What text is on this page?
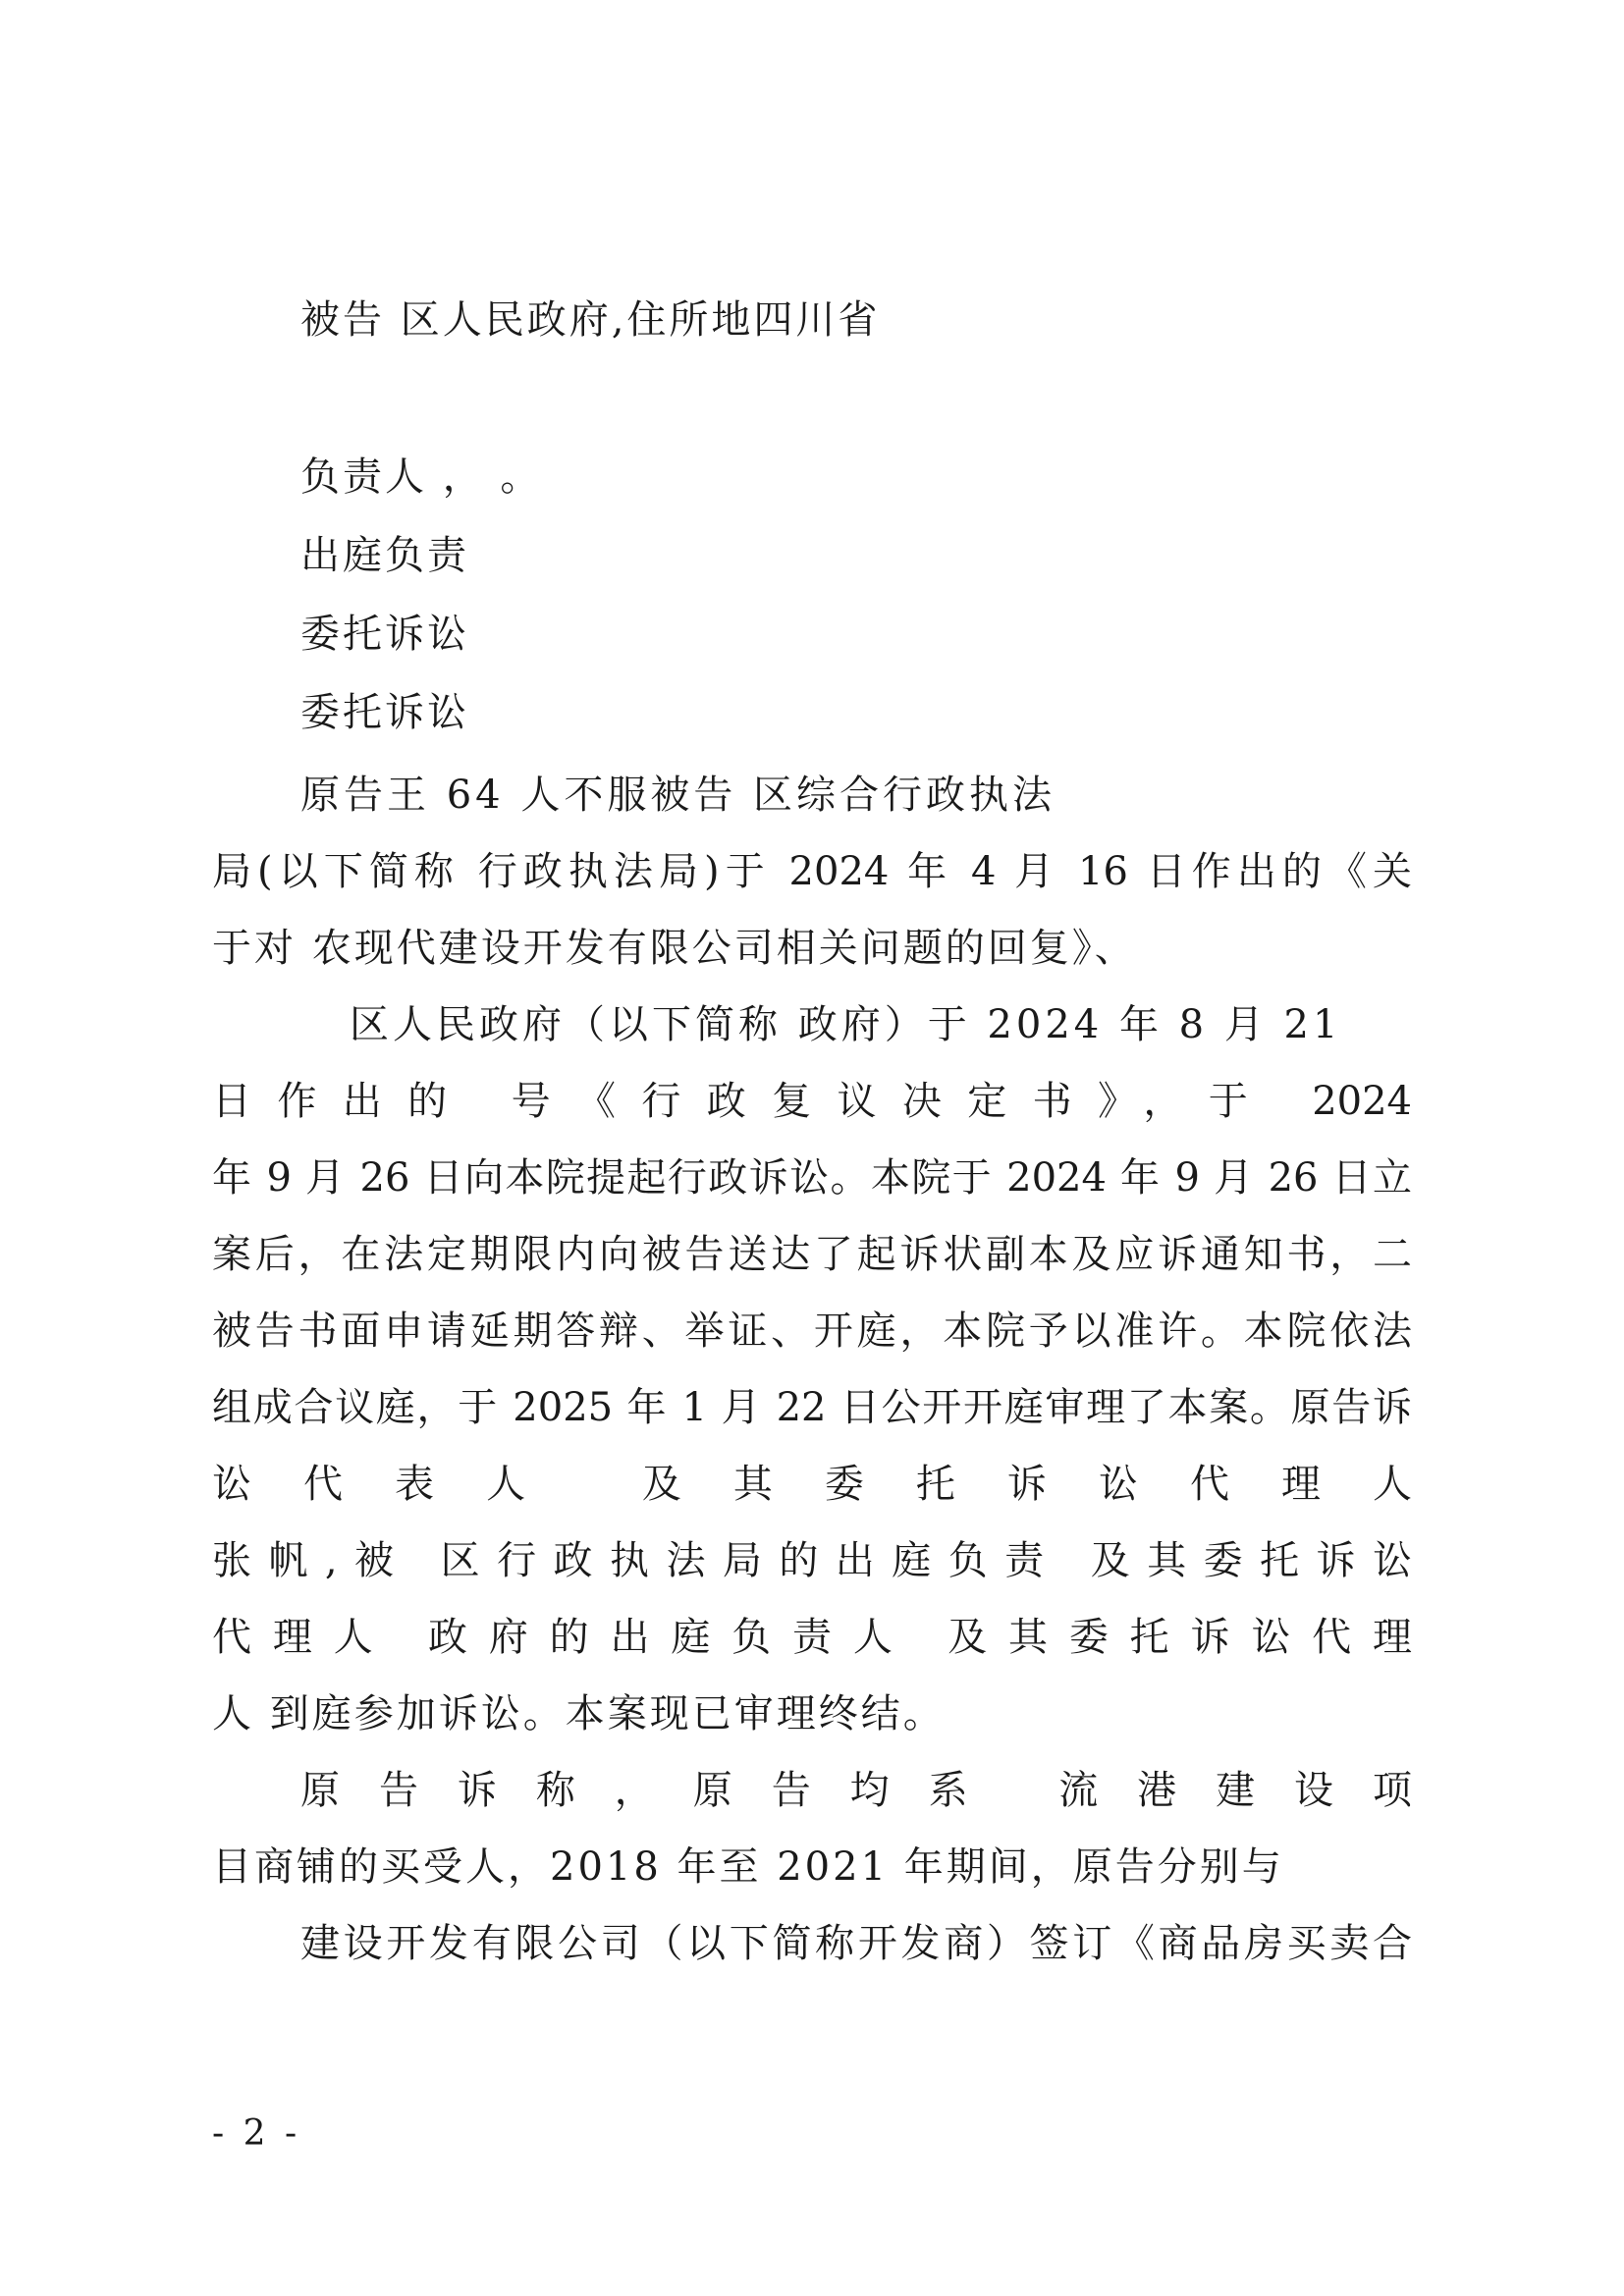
被告 区人民政府,住所地四川省
负责人 ， 。
出庭负责
委托诉讼
委托诉讼
原告王 64 人不服被告 区综合行政执法
局(以下简称 行政执法局)于 2024 年 4 月 16 日作出的《关
于对 农现代建设开发有限公司相关问题的回复》、
区人民政府（以下简称 政府）于 2024 年 8 月 21
日作出的 号《行政复议决定书》，于 2024
年 9 月 26 日向本院提起行政诉讼。本院于 2024 年 9 月 26 日立
案后，在法定期限内向被告送达了起诉状副本及应诉通知书，二
被告书面申请延期答辩、举证、开庭，本院予以准许。本院依法
组成合议庭，于 2025 年 1 月 22 日公开开庭审理了本案。原告诉
讼代表人 及其委托诉讼代理人
张帆,被 区行政执法局的出庭负责 及其委托诉讼
代理人 政府的出庭负责人 及其委托诉讼代理
人 到庭参加诉讼。本案现已审理终结。
原告诉称，原告均系 流港建设项
目商铺的买受人，2018 年至 2021 年期间，原告分别与
建设开发有限公司（以下简称开发商）签订《商品房买卖合
- 2 -
